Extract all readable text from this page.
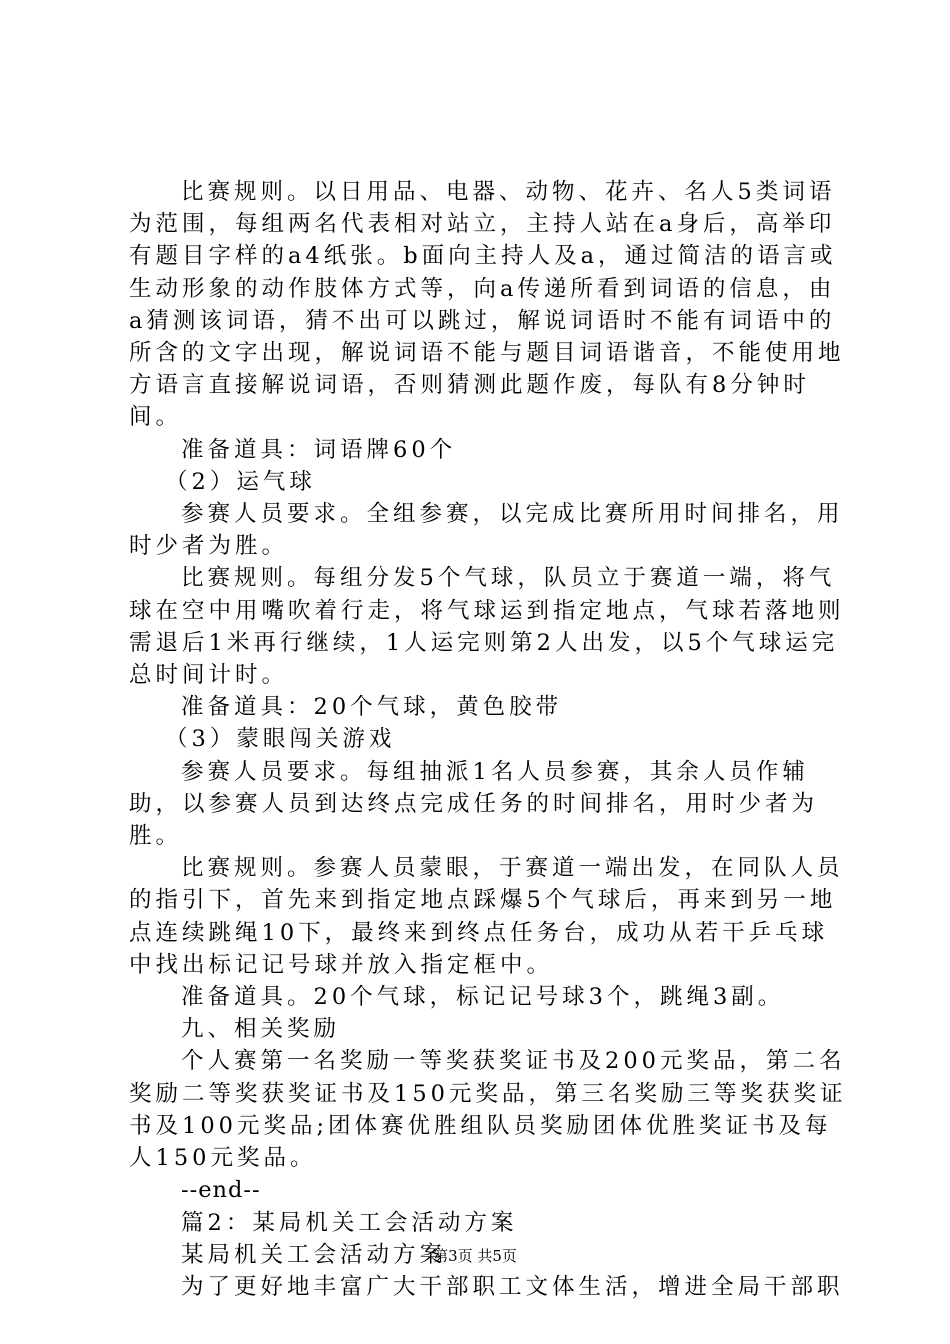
比赛规则。以日用品、电器、动物、花卉、名人5类词语为范围，每组两名代表相对站立，主持人站在a身后，高举印有题目字样的a4纸张。b面向主持人及a，通过简洁的语言或生动形象的动作肢体方式等，向a传递所看到词语的信息，由a猜测该词语，猜不出可以跳过，解说词语时不能有词语中的所含的文字出现，解说词语不能与题目词语谐音，不能使用地方语言直接解说词语，否则猜测此题作废，每队有8分钟时间。

准备道具：词语牌60个

（2）运气球

参赛人员要求。全组参赛，以完成比赛所用时间排名，用时少者为胜。

比赛规则。每组分发5个气球，队员立于赛道一端，将气球在空中用嘴吹着行走，将气球运到指定地点，气球若落地则需退后1米再行继续，1人运完则第2人出发，以5个气球运完总时间计时。

准备道具：20个气球，黄色胶带

（3）蒙眼闯关游戏

参赛人员要求。每组抽派1名人员参赛，其余人员作辅助，以参赛人员到达终点完成任务的时间排名，用时少者为胜。

比赛规则。参赛人员蒙眼，于赛道一端出发，在同队人员的指引下，首先来到指定地点踩爆5个气球后，再来到另一地点连续跳绳10下，最终来到终点任务台，成功从若干乒乓球中找出标记记号球并放入指定框中。

准备道具。20个气球，标记记号球3个，跳绳3副。

九、相关奖励

个人赛第一名奖励一等奖获奖证书及200元奖品，第二名奖励二等奖获奖证书及150元奖品，第三名奖励三等奖获奖证书及100元奖品;团体赛优胜组队员奖励团体优胜奖证书及每人150元奖品。

--end--

篇2：某局机关工会活动方案

某局机关工会活动方案

为了更好地丰富广大干部职工文体生活，增进全局干部职

第3页 共5页
